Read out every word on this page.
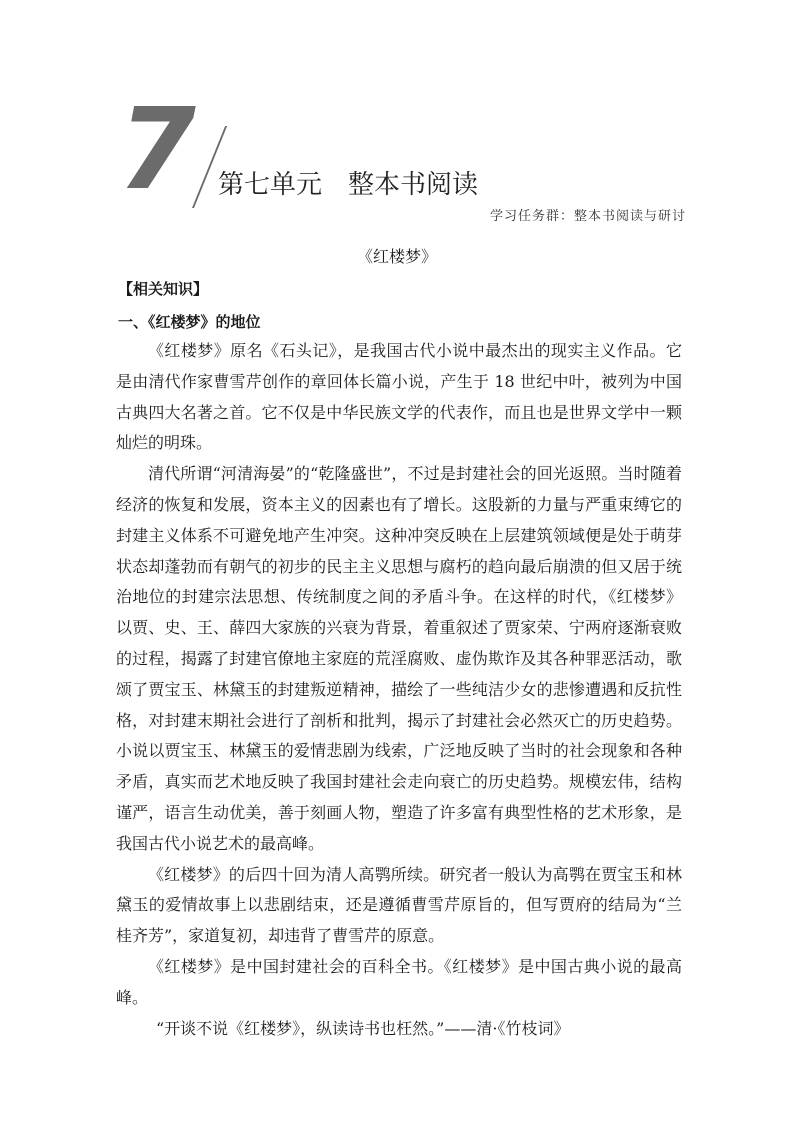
7 第七单元　整本书阅读
学习任务群：整本书阅读与研讨
《红楼梦》
【相关知识】
一、《红楼梦》的地位

《红楼梦》原名《石头记》，是我国古代小说中最杰出的现实主义作品。它是由清代作家曹雪芹创作的章回体长篇小说，产生于 18 世纪中叶，被列为中国古典四大名著之首。它不仅是中华民族文学的代表作，而且也是世界文学中一颗灿烂的明珠。

清代所谓“河清海晏”的“乾隆盛世”，不过是封建社会的回光返照。当时随着经济的恢复和发展，资本主义的因素也有了增长。这股新的力量与严重束缚它的封建主义体系不可避免地产生冲突。这种冲突反映在上层建筑领域便是处于萌芽状态却蓬勃而有朝气的初步的民主主义思想与腐朽的趋向最后崩溃的但又居于统治地位的封建宗法思想、传统制度之间的矛盾斗争。在这样的时代，《红楼梦》以贾、史、王、薛四大家族的兴衰为背景，着重叙述了贾家荣、宁两府逐渐衰败的过程，揭露了封建官僚地主家庭的荒淫腐败、虚伪欺诈及其各种罪恶活动，歌颂了贾宝玉、林黛玉的封建叛逆精神，描绘了一些纯洁少女的悲惨遭遇和反抗性格，对封建末期社会进行了剖析和批判，揭示了封建社会必然灭亡的历史趋势。小说以贾宝玉、林黛玉的爱情悲剧为线索，广泛地反映了当时的社会现象和各种矛盾，真实而艺术地反映了我国封建社会走向衰亡的历史趋势。规模宏伟，结构谨严，语言生动优美，善于刻画人物，塑造了许多富有典型性格的艺术形象，是我国古代小说艺术的最高峰。

《红楼梦》的后四十回为清人高鹗所续。研究者一般认为高鹗在贾宝玉和林黛玉的爱情故事上以悲剧结束，还是遵循曹雪芹原旨的，但写贾府的结局为“兰桂齐芳”，家道复初，却违背了曹雪芹的原意。

《红楼梦》是中国封建社会的百科全书。《红楼梦》是中国古典小说的最高峰。

“开谈不说《红楼梦》，纵读诗书也枉然。”——清·《竹枝词》
